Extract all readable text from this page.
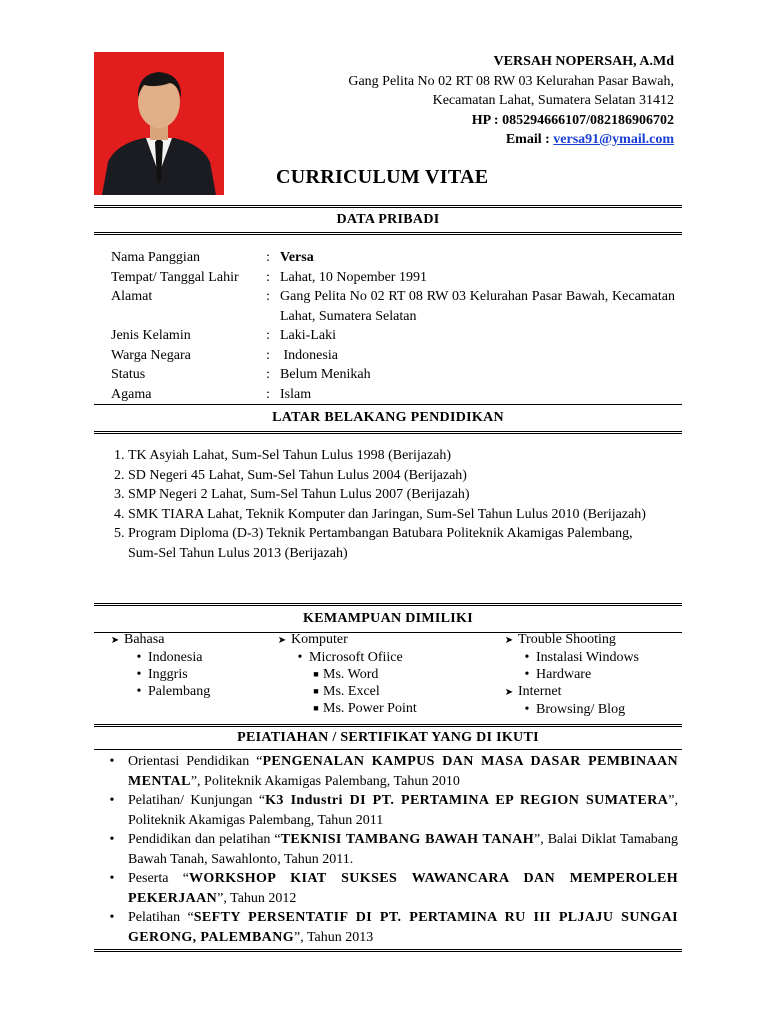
VERSAH NOPERSAH, A.Md
Gang Pelita No 02 RT 08 RW 03 Kelurahan Pasar Bawah,
Kecamatan Lahat, Sumatera Selatan 31412
HP : 085294666107/082186906702
Email : versa91@ymail.com
CURRICULUM VITAE
DATA PRIBADI
Nama Panggian	: Versa
Tempat/ Tanggal Lahir	: Lahat, 10 Nopember 1991
Alamat	: Gang Pelita No 02 RT 08 RW 03 Kelurahan Pasar Bawah, Kecamatan Lahat, Sumatera Selatan
Jenis Kelamin	: Laki-Laki
Warga Negara	: Indonesia
Status	: Belum Menikah
Agama	: Islam
LATAR BELAKANG PENDIDIKAN
1. TK Asyiah Lahat, Sum-Sel Tahun Lulus 1998 (Berijazah)
2. SD Negeri 45 Lahat, Sum-Sel Tahun Lulus 2004 (Berijazah)
3. SMP Negeri 2 Lahat, Sum-Sel Tahun Lulus 2007 (Berijazah)
4. SMK TIARA Lahat, Teknik Komputer dan Jaringan, Sum-Sel Tahun Lulus 2010 (Berijazah)
5. Program Diploma (D-3) Teknik Pertambangan Batubara Politeknik Akamigas Palembang, Sum-Sel Tahun Lulus 2013 (Berijazah)
KEMAMPUAN DIMILIKI
➤ Bahasa
• Indonesia
• Inggris
• Palembang
➤ Komputer
• Microsoft Ofiice
■ Ms. Word
■ Ms. Excel
■ Ms. Power Point
➤ Trouble Shooting
• Instalasi Windows
• Hardware
➤ Internet
• Browsing/ Blog
PEIATIAHAN / SERTIFIKAT YANG DI IKUTI
• Orientasi Pendidikan “PENGENALAN KAMPUS DAN MASA DASAR PEMBINAAN MENTAL”, Politeknik Akamigas Palembang, Tahun 2010
• Pelatihan/ Kunjungan “K3 Industri DI PT. PERTAMINA EP REGION SUMATERA”, Politeknik Akamigas Palembang, Tahun 2011
• Pendidikan dan pelatihan “TEKNISI TAMBANG BAWAH TANAH”, Balai Diklat Tamabang Bawah Tanah, Sawahlonto, Tahun 2011.
• Peserta “WORKSHOP KIAT SUKSES WAWANCARA DAN MEMPEROLEH PEKERJAAN”, Tahun 2012
• Pelatihan “SEFTY PERSENTATIF DI PT. PERTAMINA RU III PLJAJU SUNGAI GERONG, PALEMBANG”, Tahun 2013
